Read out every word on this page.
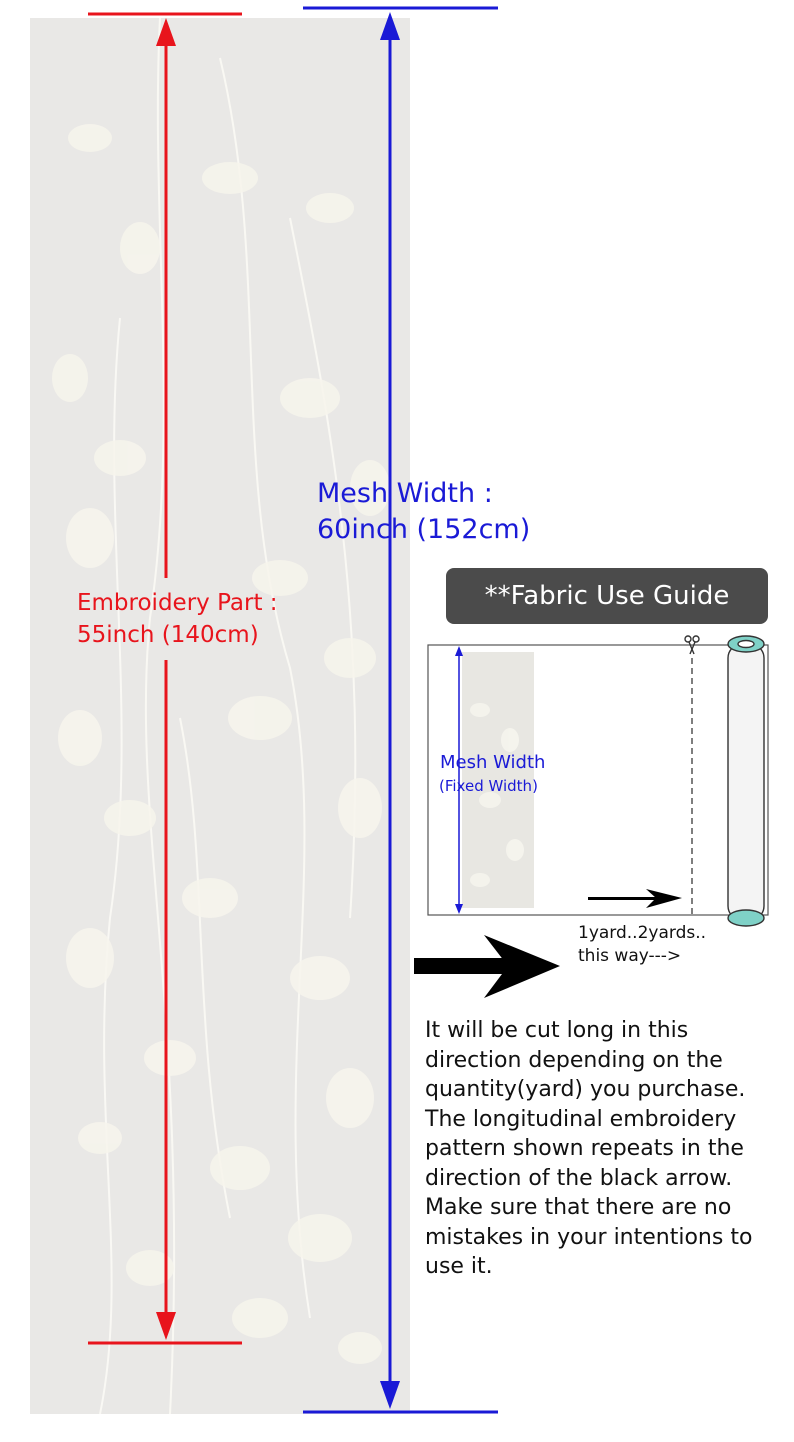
Embroidery Part :
55inch (140cm)
Mesh Width :
60inch (152cm)
**Fabric Use Guide
Mesh Width
(Fixed Width)
1yard..2yards..
this way--->
It will be cut long in this
direction depending on the
quantity(yard) you purchase.
The longitudinal embroidery
pattern shown repeats in the
direction of the black arrow.
Make sure that there are no
mistakes in your intentions to
use it.
